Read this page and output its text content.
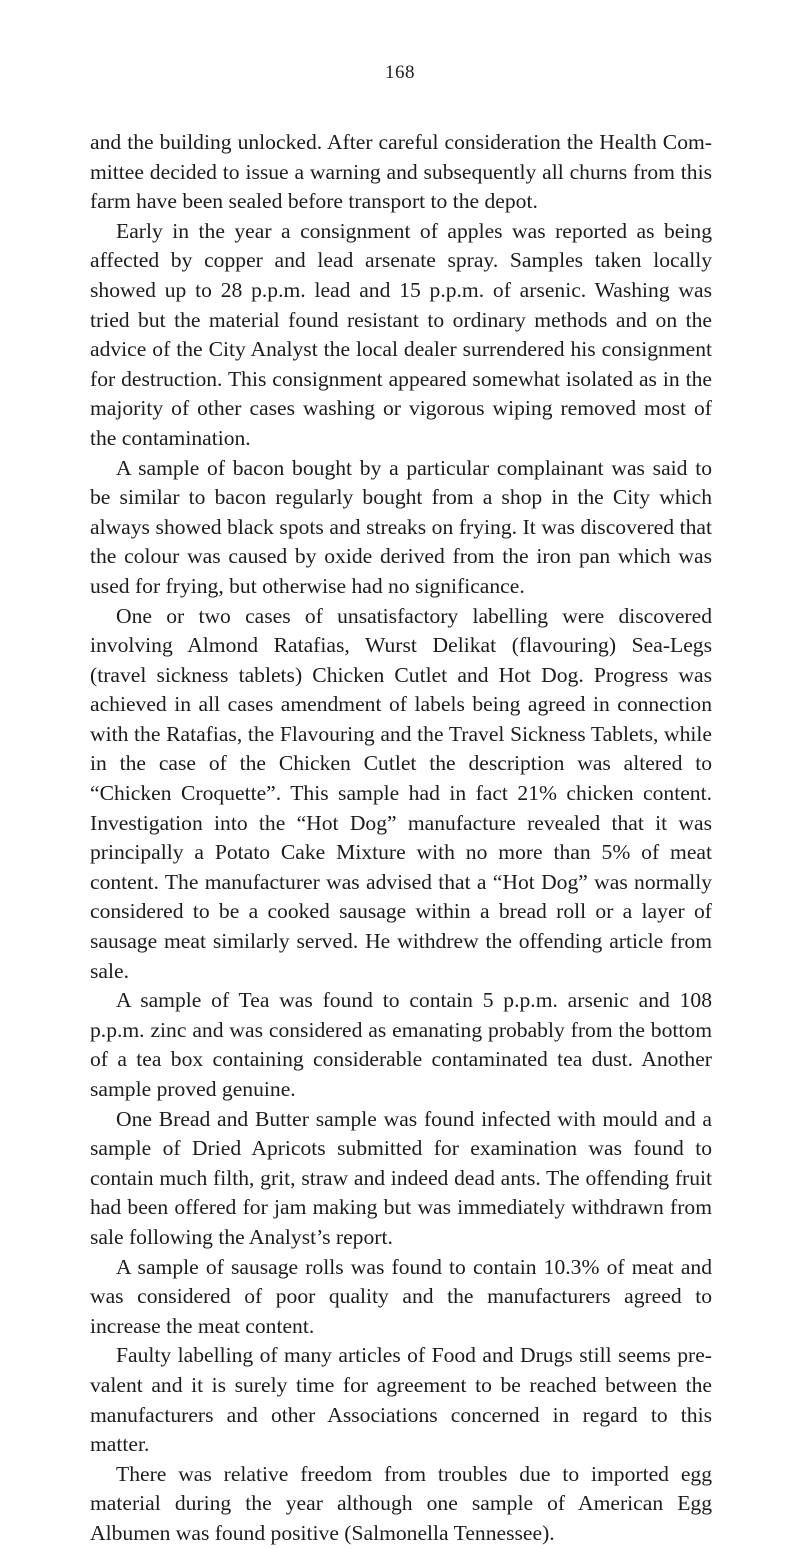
168

and the building unlocked. After careful consideration the Health Com- mittee decided to issue a warning and subsequently all churns from this farm have been sealed before transport to the depot.

Early in the year a consignment of apples was reported as being affected by copper and lead arsenate spray. Samples taken locally showed up to 28 p.p.m. lead and 15 p.p.m. of arsenic. Washing was tried but the material found resistant to ordinary methods and on the advice of the City Analyst the local dealer surrendered his consignment for destruction. This consignment appeared somewhat isolated as in the majority of other cases washing or vigorous wiping removed most of the contamination.

A sample of bacon bought by a particular complainant was said to be similar to bacon regularly bought from a shop in the City which always showed black spots and streaks on frying. It was discovered that the colour was caused by oxide derived from the iron pan which was used for frying, but otherwise had no significance.

One or two cases of unsatisfactory labelling were discovered involving Almond Ratafias, Wurst Delikat (flavouring) Sea-Legs (travel sickness tablets) Chicken Cutlet and Hot Dog. Progress was achieved in all cases amendment of labels being agreed in connection with the Ratafias, the Flavouring and the Travel Sickness Tablets, while in the case of the Chicken Cutlet the description was altered to “Chicken Croquette”. This sample had in fact 21% chicken content. Investigation into the “Hot Dog” manufacture revealed that it was principally a Potato Cake Mixture with no more than 5% of meat content. The manufacturer was advised that a “Hot Dog” was normally considered to be a cooked sausage within a bread roll or a layer of sausage meat similarly served. He withdrew the offending article from sale.

A sample of Tea was found to contain 5 p.p.m. arsenic and 108 p.p.m. zinc and was considered as emanating probably from the bottom of a tea box containing considerable contaminated tea dust. Another sample proved genuine.

One Bread and Butter sample was found infected with mould and a sample of Dried Apricots submitted for examination was found to contain much filth, grit, straw and indeed dead ants. The offending fruit had been offered for jam making but was immediately withdrawn from sale following the Analyst’s report.

A sample of sausage rolls was found to contain 10.3% of meat and was considered of poor quality and the manufacturers agreed to increase the meat content.

Faulty labelling of many articles of Food and Drugs still seems pre- valent and it is surely time for agreement to be reached between the manufacturers and other Associations concerned in regard to this matter.

There was relative freedom from troubles due to imported egg material during the year although one sample of American Egg Albumen was found positive (Salmonella Tennessee).
